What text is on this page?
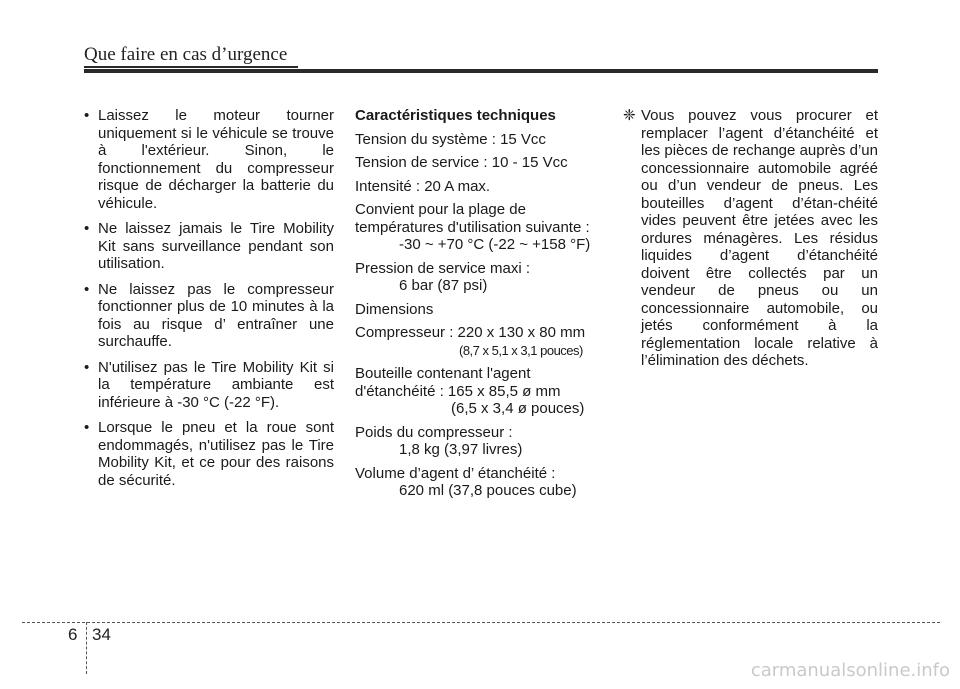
Que faire en cas d’urgence
• Laissez le moteur tourner uniquement si le véhicule se trouve à l'extérieur. Sinon, le fonctionnement du compresseur risque de décharger la batterie du véhicule.
• Ne laissez jamais le Tire Mobility Kit sans surveillance pendant son utilisation.
• Ne laissez pas le compresseur fonctionner plus de 10 minutes à la fois au risque d’ entraîner une surchauffe.
• N'utilisez pas le Tire Mobility Kit si la température ambiante est inférieure à -30 °C (-22 °F).
• Lorsque le pneu et la roue sont endommagés, n'utilisez pas le Tire Mobility Kit, et ce pour des raisons de sécurité.
Caractéristiques techniques
Tension du système : 15 Vcc
Tension de service : 10 - 15 Vcc
Intensité : 20 A max.
Convient pour la plage de
températures d'utilisation suivante :
-30 ~ +70 °C (-22 ~ +158 °F)
Pression de service maxi :
6 bar (87 psi)
Dimensions
Compresseur : 220 x 130 x 80 mm
(8,7 x 5,1 x 3,1 pouces)
Bouteille contenant l'agent
d'étanchéité : 165 x 85,5 ø mm
(6,5 x 3,4 ø pouces)
Poids du compresseur :
1,8 kg (3,97 livres)
Volume d’agent d’ étanchéité :
620 ml (37,8 pouces cube)
❈ Vous pouvez vous procurer et remplacer l’agent d’étanchéité et les pièces de rechange auprès d’un concessionnaire automobile agréé ou d’un vendeur de pneus. Les bouteilles d’agent d’étan-chéité vides peuvent être jetées avec les ordures ménagères. Les résidus liquides d’agent d’étanchéité doivent être collectés par un vendeur de pneus ou un concessionnaire automobile, ou jetés conformément à la réglementation locale relative à l’élimination des déchets.
6 34
carmanualsonline.info
